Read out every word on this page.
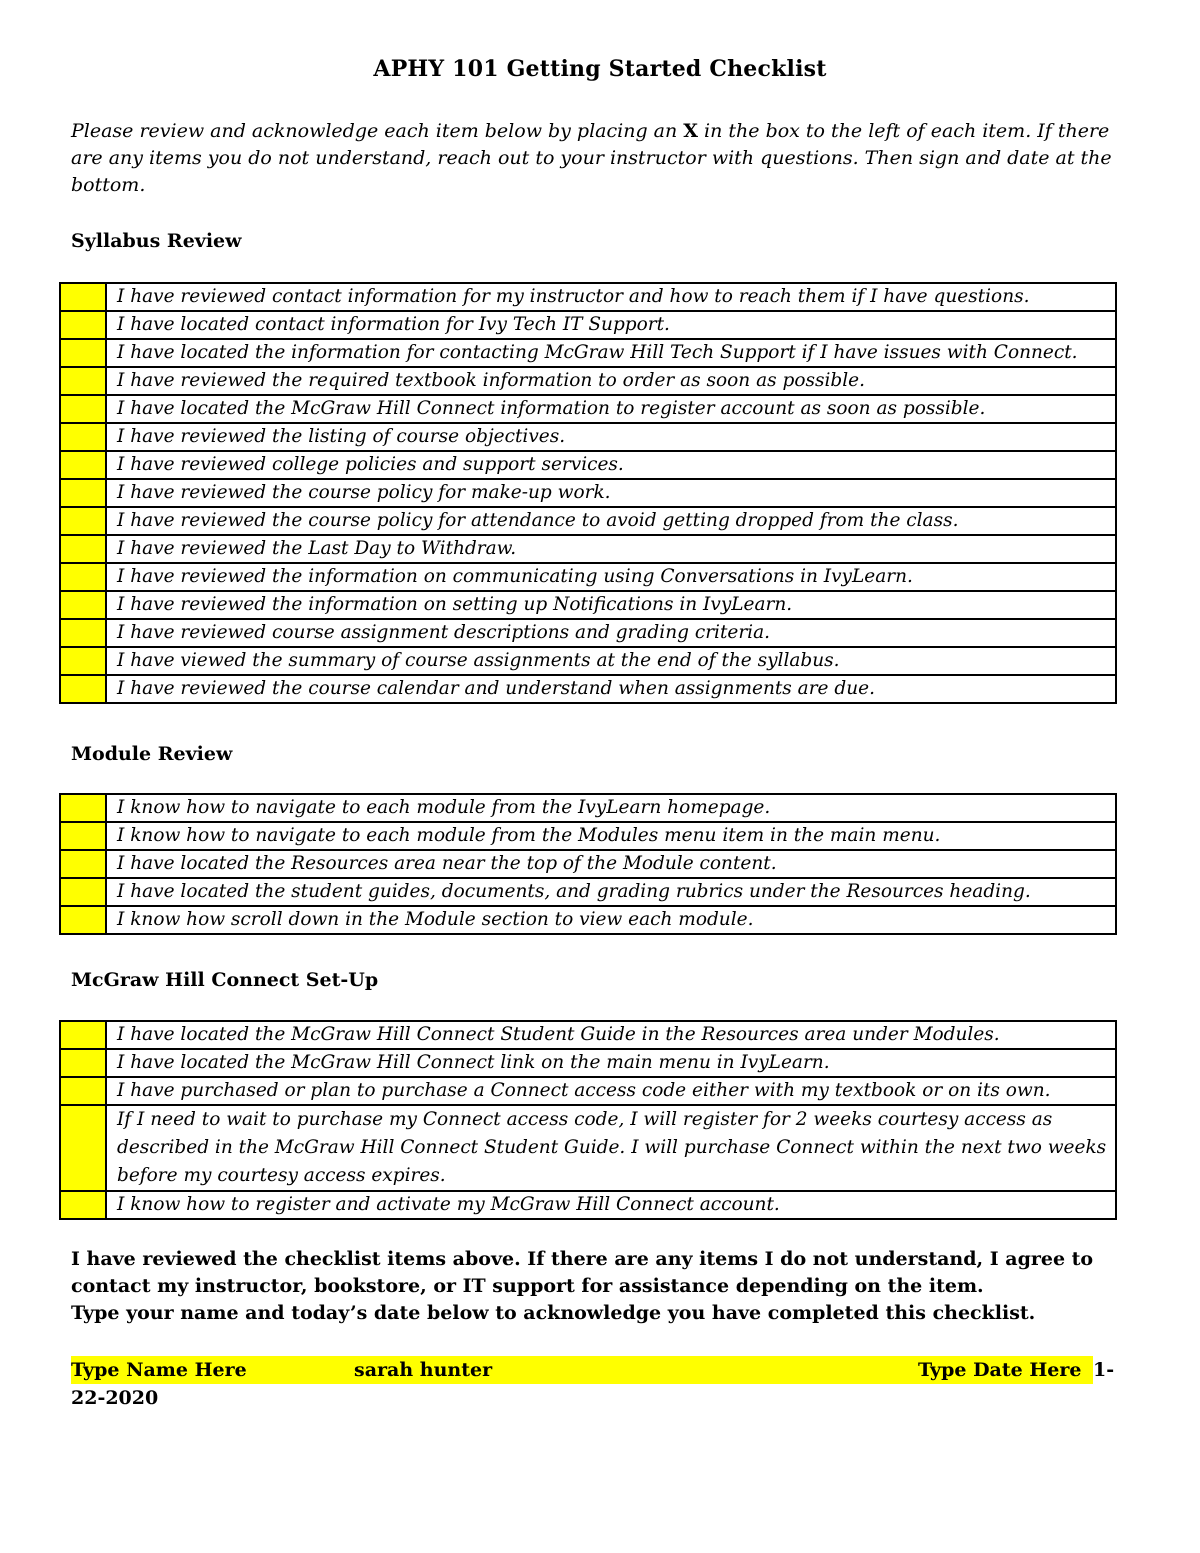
APHY 101 Getting Started Checklist
Please review and acknowledge each item below by placing an X in the box to the left of each item. If there are any items you do not understand, reach out to your instructor with questions. Then sign and date at the bottom.
Syllabus Review
	I have reviewed contact information for my instructor and how to reach them if I have questions.
	I have located contact information for Ivy Tech IT Support.
	I have located the information for contacting McGraw Hill Tech Support if I have issues with Connect.
	I have reviewed the required textbook information to order as soon as possible.
	I have located the McGraw Hill Connect information to register account as soon as possible.
	I have reviewed the listing of course objectives.
	I have reviewed college policies and support services.
	I have reviewed the course policy for make-up work.
	I have reviewed the course policy for attendance to avoid getting dropped from the class.
	I have reviewed the Last Day to Withdraw.
	I have reviewed the information on communicating using Conversations in IvyLearn.
	I have reviewed the information on setting up Notifications in IvyLearn.
	I have reviewed course assignment descriptions and grading criteria.
	I have viewed the summary of course assignments at the end of the syllabus.
	I have reviewed the course calendar and understand when assignments are due.
Module Review
	I know how to navigate to each module from the IvyLearn homepage.
	I know how to navigate to each module from the Modules menu item in the main menu.
	I have located the Resources area near the top of the Module content.
	I have located the student guides, documents, and grading rubrics under the Resources heading.
	I know how scroll down in the Module section to view each module.
McGraw Hill Connect Set-Up
	I have located the McGraw Hill Connect Student Guide in the Resources area under Modules.
	I have located the McGraw Hill Connect link on the main menu in IvyLearn.
	I have purchased or plan to purchase a Connect access code either with my textbook or on its own.
	If I need to wait to purchase my Connect access code, I will register for 2 weeks courtesy access as described in the McGraw Hill Connect Student Guide. I will purchase Connect within the next two weeks before my courtesy access expires.
	I know how to register and activate my McGraw Hill Connect account.
I have reviewed the checklist items above. If there are any items I do not understand, I agree to contact my instructor, bookstore, or IT support for assistance depending on the item.
Type your name and today’s date below to acknowledge you have completed this checklist.
Type Name Here	sarah hunter	Type Date Here 1-
22-2020
